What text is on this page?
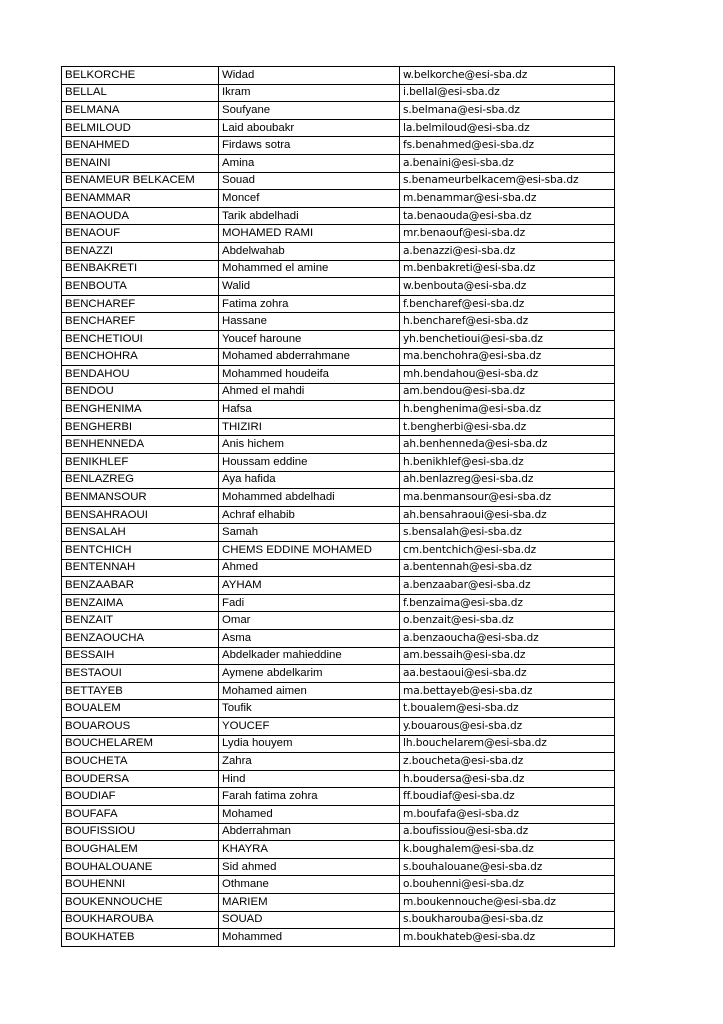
BELKORCHE	Widad	w.belkorche@esi-sba.dz
BELLAL	Ikram	i.bellal@esi-sba.dz
BELMANA	Soufyane	s.belmana@esi-sba.dz
BELMILOUD	Laid aboubakr	la.belmiloud@esi-sba.dz
BENAHMED	Firdaws sotra	fs.benahmed@esi-sba.dz
BENAINI	Amina	a.benaini@esi-sba.dz
BENAMEUR BELKACEM	Souad	s.benameurbelkacem@esi-sba.dz
BENAMMAR	Moncef	m.benammar@esi-sba.dz
BENAOUDA	Tarik abdelhadi	ta.benaouda@esi-sba.dz
BENAOUF	MOHAMED RAMI	mr.benaouf@esi-sba.dz
BENAZZI	Abdelwahab	a.benazzi@esi-sba.dz
BENBAKRETI	Mohammed el amine	m.benbakreti@esi-sba.dz
BENBOUTA	Walid	w.benbouta@esi-sba.dz
BENCHAREF	Fatima zohra	f.bencharef@esi-sba.dz
BENCHAREF	Hassane	h.bencharef@esi-sba.dz
BENCHETIOUI	Youcef haroune	yh.benchetioui@esi-sba.dz
BENCHOHRA	Mohamed abderrahmane	ma.benchohra@esi-sba.dz
BENDAHOU	Mohammed houdeifa	mh.bendahou@esi-sba.dz
BENDOU	Ahmed el mahdi	am.bendou@esi-sba.dz
BENGHENIMA	Hafsa	h.benghenima@esi-sba.dz
BENGHERBI	THIZIRI	t.bengherbi@esi-sba.dz
BENHENNEDA	Anis hichem	ah.benhenneda@esi-sba.dz
BENIKHLEF	Houssam eddine	h.benikhlef@esi-sba.dz
BENLAZREG	Aya hafida	ah.benlazreg@esi-sba.dz
BENMANSOUR	Mohammed abdelhadi	ma.benmansour@esi-sba.dz
BENSAHRAOUI	Achraf elhabib	ah.bensahraoui@esi-sba.dz
BENSALAH	Samah	s.bensalah@esi-sba.dz
BENTCHICH	CHEMS EDDINE MOHAMED	cm.bentchich@esi-sba.dz
BENTENNAH	Ahmed	a.bentennah@esi-sba.dz
BENZAABAR	AYHAM	a.benzaabar@esi-sba.dz
BENZAIMA	Fadi	f.benzaima@esi-sba.dz
BENZAIT	Omar	o.benzait@esi-sba.dz
BENZAOUCHA	Asma	a.benzaoucha@esi-sba.dz
BESSAIH	Abdelkader mahieddine	am.bessaih@esi-sba.dz
BESTAOUI	Aymene abdelkarim	aa.bestaoui@esi-sba.dz
BETTAYEB	Mohamed aimen	ma.bettayeb@esi-sba.dz
BOUALEM	Toufik	t.boualem@esi-sba.dz
BOUAROUS	YOUCEF	y.bouarous@esi-sba.dz
BOUCHELAREM	Lydia houyem	lh.bouchelarem@esi-sba.dz
BOUCHETA	Zahra	z.boucheta@esi-sba.dz
BOUDERSA	Hind	h.boudersa@esi-sba.dz
BOUDIAF	Farah fatima zohra	ff.boudiaf@esi-sba.dz
BOUFAFA	Mohamed	m.boufafa@esi-sba.dz
BOUFISSIOU	Abderrahman	a.boufissiou@esi-sba.dz
BOUGHALEM	KHAYRA	k.boughalem@esi-sba.dz
BOUHALOUANE	Sid ahmed	s.bouhalouane@esi-sba.dz
BOUHENNI	Othmane	o.bouhenni@esi-sba.dz
BOUKENNOUCHE	MARIEM	m.boukennouche@esi-sba.dz
BOUKHAROUBA	SOUAD	s.boukharouba@esi-sba.dz
BOUKHATEB	Mohammed	m.boukhateb@esi-sba.dz
